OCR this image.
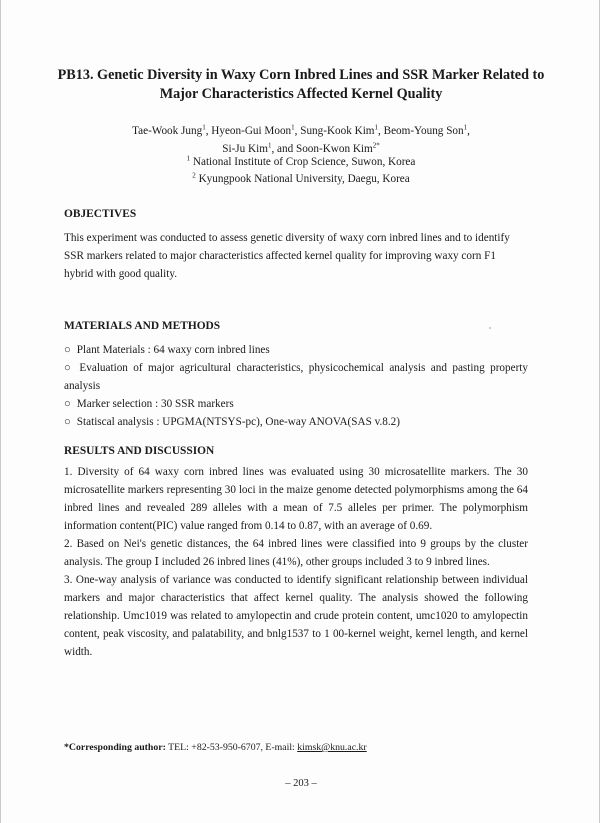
PB13. Genetic Diversity in Waxy Corn Inbred Lines and SSR Marker Related to
Major Characteristics Affected Kernel Quality
Tae-Wook Jung$^1$, Hyeon-Gui Moon$^1$, Sung-Kook Kim$^1$, Beom-Young Son$^1$,
Si-Ju Kim$^1$, and Soon-Kwon Kim$^{2*}$
$^1$ National Institute of Crop Science, Suwon, Korea
$^2$ Kyungpook National University, Daegu, Korea
OBJECTIVES
This experiment was conducted to assess genetic diversity of waxy corn inbred lines and to identify
SSR markers related to major characteristics affected kernel quality for improving waxy corn F1
hybrid with good quality.
MATERIALS AND METHODS
○ Plant Materials : 64 waxy corn inbred lines
○ Evaluation of major agricultural characteristics, physicochemical analysis and pasting property analysis
○ Marker selection : 30 SSR markers
○ Statiscal analysis : UPGMA(NTSYS-pc), One-way ANOVA(SAS v.8.2)
RESULTS AND DISCUSSION
1. Diversity of 64 waxy corn inbred lines was evaluated using 30 microsatellite markers. The 30 microsatellite markers representing 30 loci in the maize genome detected polymorphisms among the 64 inbred lines and revealed 289 alleles with a mean of 7.5 alleles per primer. The polymorphism information content(PIC) value ranged from 0.14 to 0.87, with an average of 0.69.
2. Based on Nei's genetic distances, the 64 inbred lines were classified into 9 groups by the cluster analysis. The group Ⅰ included 26 inbred lines (41%), other groups included 3 to 9 inbred lines.
3. One-way analysis of variance was conducted to identify significant relationship between individual markers and major characteristics that affect kernel quality. The analysis showed the following relationship. Umc1019 was related to amylopectin and crude protein content, umc1020 to amylopectin content, peak viscosity, and palatability, and bnlg1537 to 1 00-kernel weight, kernel length, and kernel width.
*Corresponding author: TEL: +82-53-950-6707, E-mail: kimsk@knu.ac.kr
– 203 –
